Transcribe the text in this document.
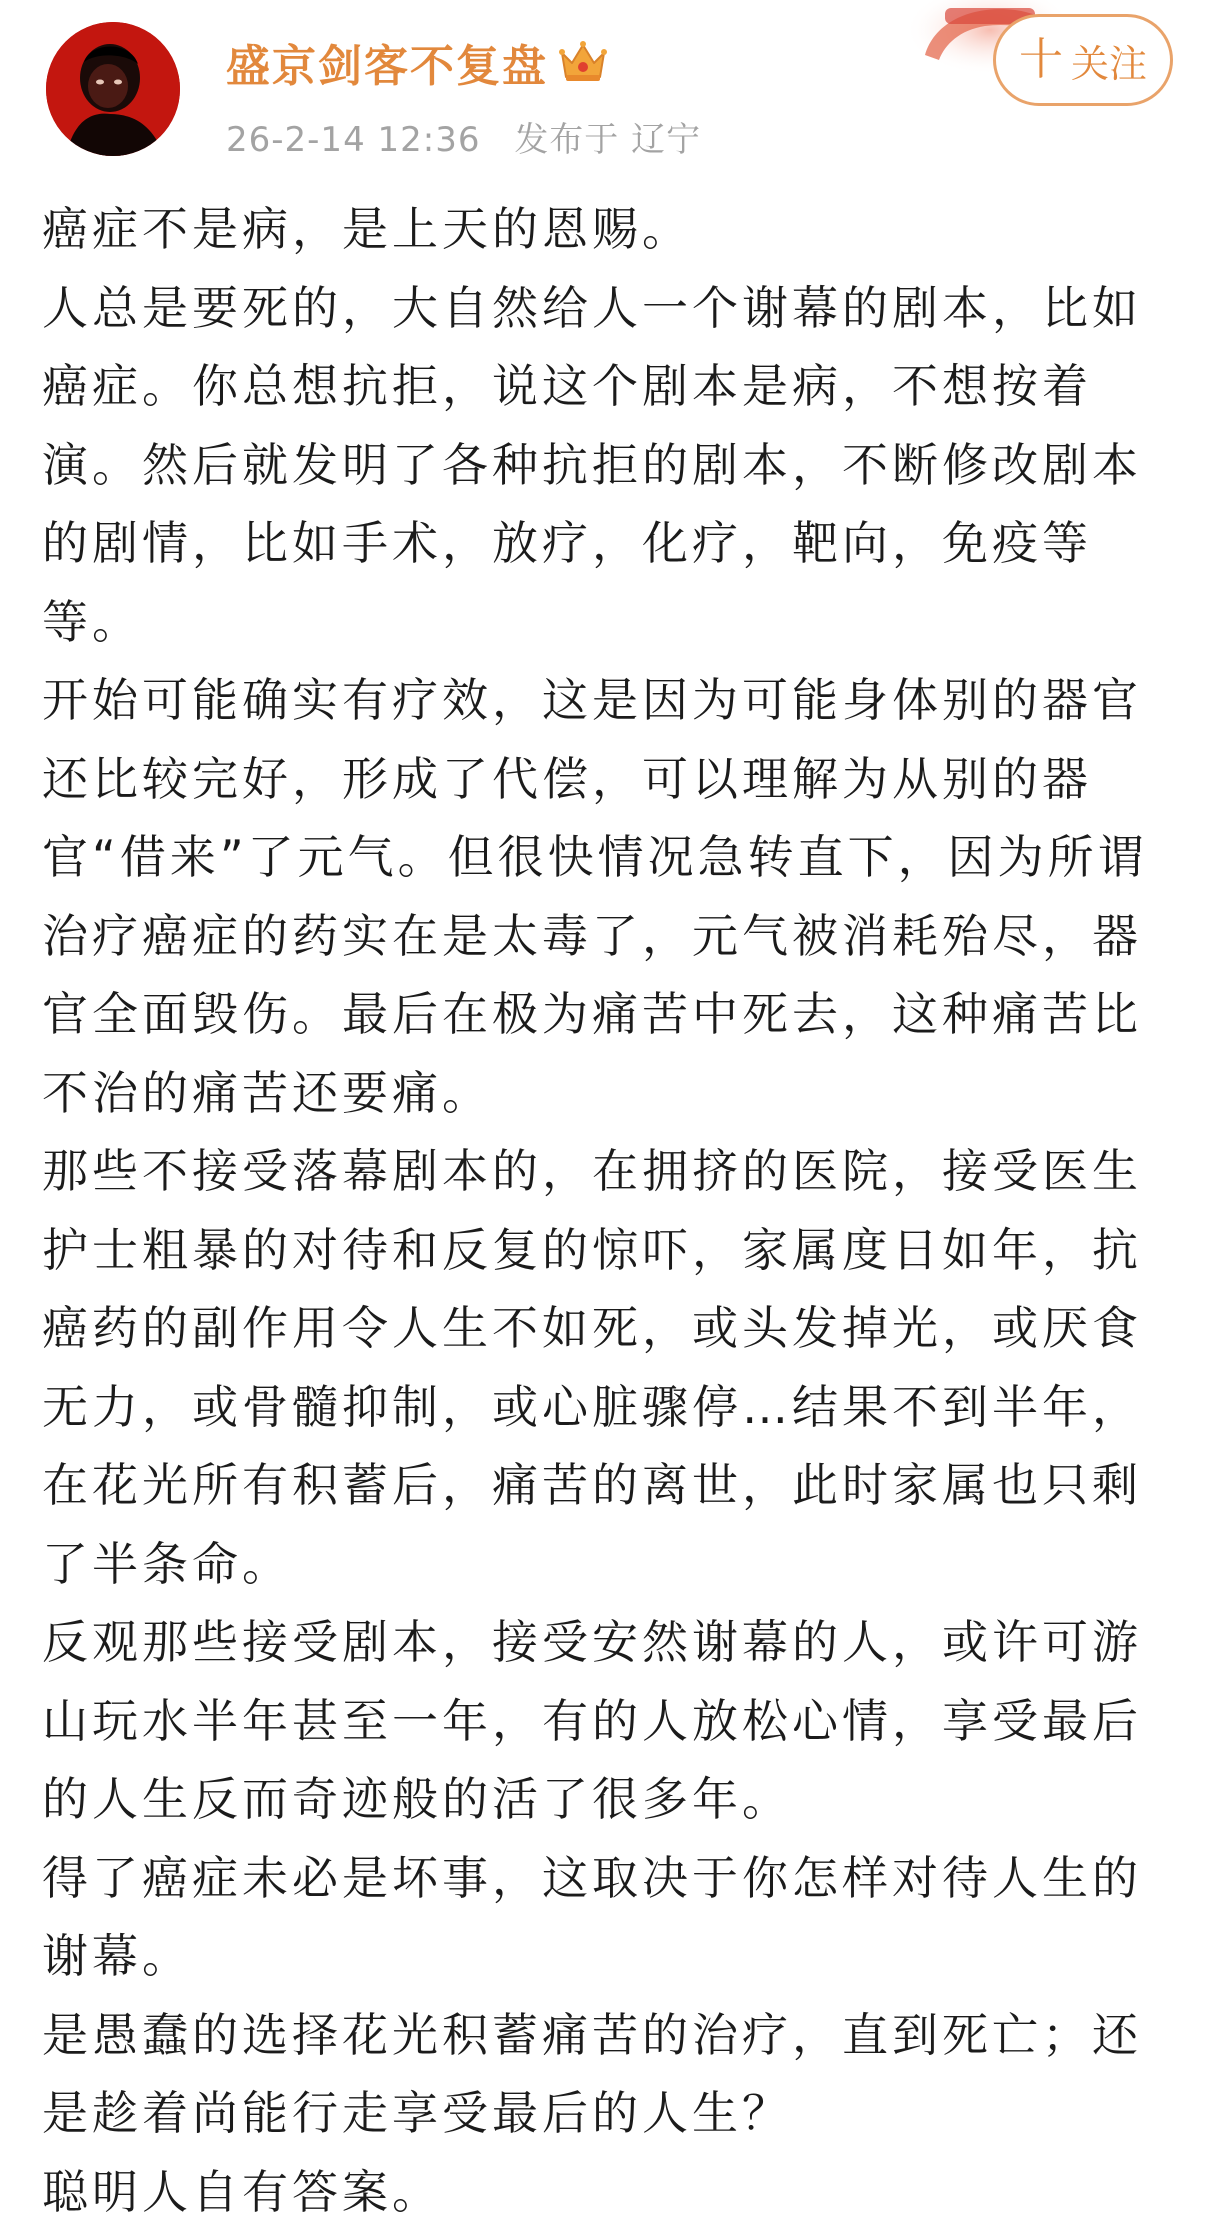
盛京剑客不复盘
26-2-14 12:36 发布于 辽宁
十 关注

癌症不是病，是上天的恩赐。

人总是要死的，大自然给人一个谢幕的剧本，比如癌症。你总想抗拒，说这个剧本是病，不想按着演。然后就发明了各种抗拒的剧本，不断修改剧本的剧情，比如手术，放疗，化疗，靶向，免疫等等。

开始可能确实有疗效，这是因为可能身体别的器官还比较完好，形成了代偿，可以理解为从别的器官“借来”了元气。但很快情况急转直下，因为所谓治疗癌症的药实在是太毒了，元气被消耗殆尽，器官全面毁伤。最后在极为痛苦中死去，这种痛苦比不治的痛苦还要痛。

那些不接受落幕剧本的，在拥挤的医院，接受医生护士粗暴的对待和反复的惊吓，家属度日如年，抗癌药的副作用令人生不如死，或头发掉光，或厌食无力，或骨髓抑制，或心脏骤停…结果不到半年，在花光所有积蓄后，痛苦的离世，此时家属也只剩了半条命。

反观那些接受剧本，接受安然谢幕的人，或许可游山玩水半年甚至一年，有的人放松心情，享受最后的人生反而奇迹般的活了很多年。

得了癌症未必是坏事，这取决于你怎样对待人生的谢幕。

是愚蠢的选择花光积蓄痛苦的治疗，直到死亡；还是趁着尚能行走享受最后的人生？

聪明人自有答案。
